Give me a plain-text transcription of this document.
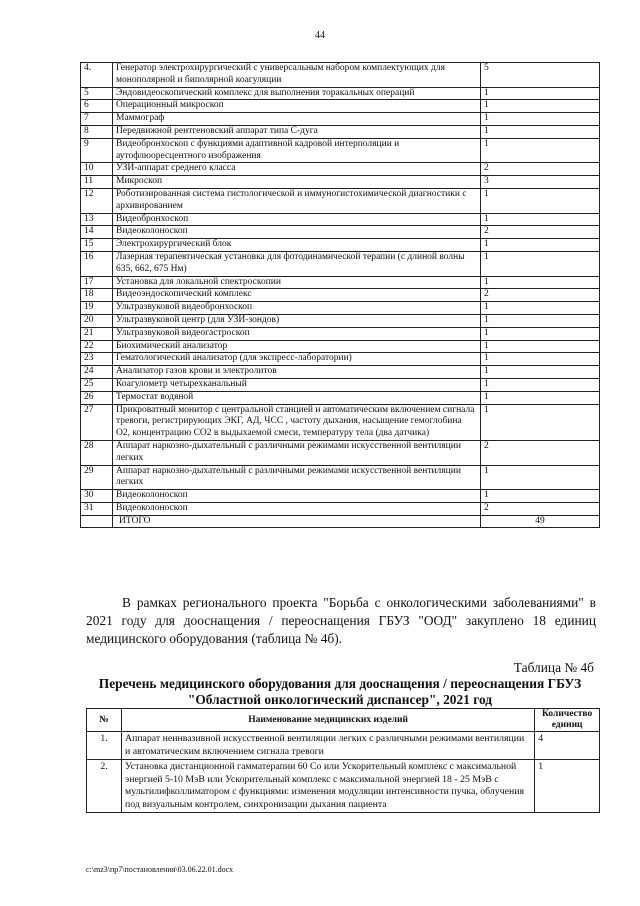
44
4.	Генератор электрохирургический с универсальным набором комплектующих для монополярной и биполярной коагуляции	5
5	Эндовидеоскопический комплекс для выполнения торакальных операций	1
6	Операционный микроскоп	1
7	Маммограф	1
8	Передвижной рентгеновский аппарат типа С-дуга	1
9	Видеобронхоскоп с функциями адаптивной кадровой интерполяции и аутофлюоресцентного изображения	1
10	УЗИ-аппарат среднего класса	2
11	Микроскоп	3
12	Роботизированная система гистологической и иммуногистохимической диагностики с архивированием	1
13	Видеобронхоскоп	1
14	Видеоколоноскоп	2
15	Электрохирургический блок	1
16	Лазерная терапевтическая установка для фотодинамической терапии (с длиной волны 635, 662, 675 Нм)	1
17	Установка для локальной спектроскопии	1
18	Видеоэндоскопический комплекс	2
19	Ультразвуковой видеобронхоскоп	1
20	Ультразвуковой центр (для УЗИ-зондов)	1
21	Ультразвуковой видеогастроскоп	1
22	Биохимический анализатор	1
23	Гематологический анализатор (для экспресс-лаборатории)	1
24	Анализатор газов крови и электролитов	1
25	Коагулометр четырехканальный	1
26	Термостат водяной	1
27	Прикроватный монитор с центральной станцией и автоматическим включением сигнала тревоги, регистрирующих ЭКГ, АД, ЧСС , частоту дыхания, насыщение гемоглобина О2, концентрацию СО2 в выдыхаемой смеси, температуру тела (два датчика)	1
28	Аппарат наркозно-дыхательный с различными режимами искусственной вентиляции легких	2
29	Аппарат наркозно-дыхательный с различными режимами искусственной вентиляции легких	1
30	Видеоколоноскоп	1
31	Видеоколоноскоп	2
	ИТОГО	49
В рамках регионального проекта "Борьба с онкологическими заболеваниями" в 2021 году для дооснащения / переоснащения ГБУЗ "ООД" закуплено 18 единиц медицинского оборудования (таблица № 4б).
Таблица № 4б
Перечень медицинского оборудования для дооснащения / переоснащения ГБУЗ "Областной онкологический диспансер", 2021 год
№	Наименование медицинских изделий	Количество единиц
1.	Аппарат неинвазивной искусственной вентиляции легких с различными режимами вентиляции и автоматическим включением сигнала тревоги	4
2.	Установка дистанционной гамматерапии 60 Со или Ускорительный комплекс с максимальной энергией 5-10 МэВ или Ускорительный комплекс с максимальной энергией 18 - 25 МэВ с мультилифколлиматором с функциями: изменения модуляции интенсивности пучка, облучения под визуальным контролем, синхронизации дыхания пациента	1
c:\mz3\пр7\постановления\03.06.22.01.docx
